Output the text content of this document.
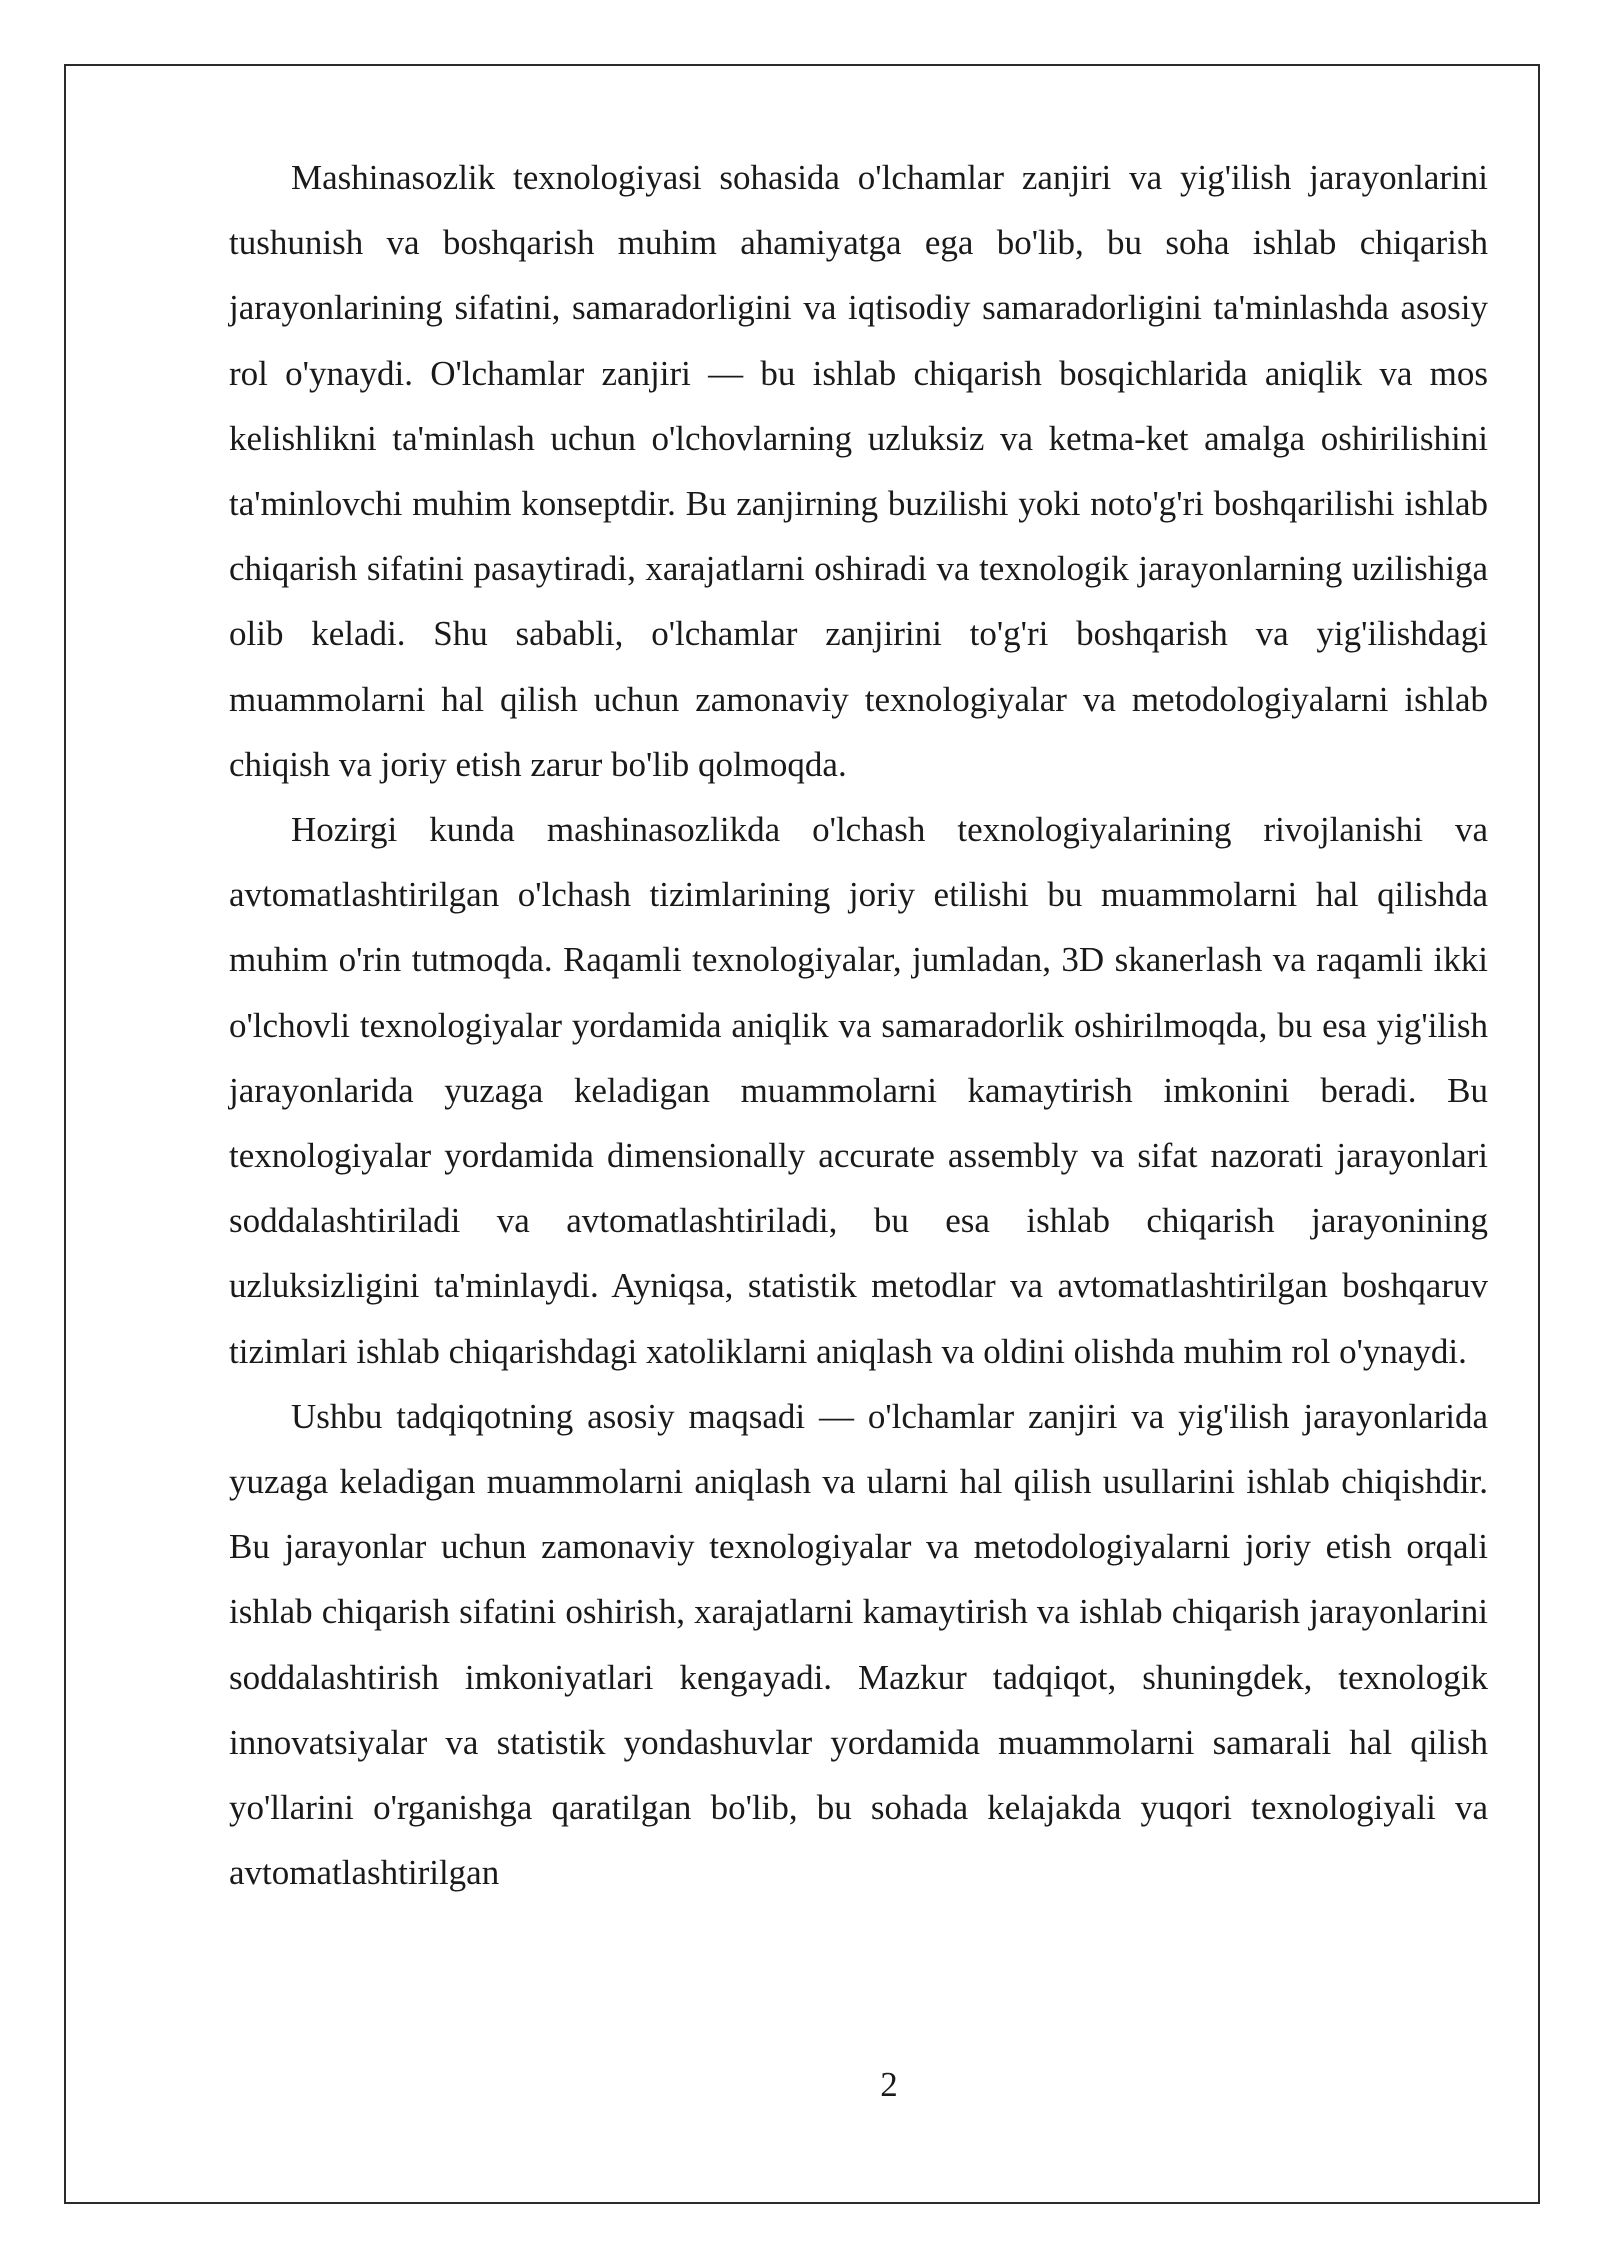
Mashinasozlik texnologiyasi sohasida o'lchamlar zanjiri va yig'ilish jarayonlarini tushunish va boshqarish muhim ahamiyatga ega bo'lib, bu soha ishlab chiqarish jarayonlarining sifatini, samaradorligini va iqtisodiy samaradorligini ta'minlashda asosiy rol o'ynaydi. O'lchamlar zanjiri — bu ishlab chiqarish bosqichlarida aniqlik va mos kelishlikni ta'minlash uchun o'lchovlarning uzluksiz va ketma-ket amalga oshirilishini ta'minlovchi muhim konseptdir. Bu zanjirning buzilishi yoki noto'g'ri boshqarilishi ishlab chiqarish sifatini pasaytiradi, xarajatlarni oshiradi va texnologik jarayonlarning uzilishiga olib keladi. Shu sababli, o'lchamlar zanjirini to'g'ri boshqarish va yig'ilishdagi muammolarni hal qilish uchun zamonaviy texnologiyalar va metodologiyalarni ishlab chiqish va joriy etish zarur bo'lib qolmoqda.

Hozirgi kunda mashinasozlikda o'lchash texnologiyalarining rivojlanishi va avtomatlashtirilgan o'lchash tizimlarining joriy etilishi bu muammolarni hal qilishda muhim o'rin tutmoqda. Raqamli texnologiyalar, jumladan, 3D skanerlash va raqamli ikki o'lchovli texnologiyalar yordamida aniqlik va samaradorlik oshirilmoqda, bu esa yig'ilish jarayonlarida yuzaga keladigan muammolarni kamaytirish imkonini beradi. Bu texnologiyalar yordamida dimensionally accurate assembly va sifat nazorati jarayonlari soddalashtiriladi va avtomatlashtiriladi, bu esa ishlab chiqarish jarayonining uzluksizligini ta'minlaydi. Ayniqsa, statistik metodlar va avtomatlashtirilgan boshqaruv tizimlari ishlab chiqarishdagi xatoliklarni aniqlash va oldini olishda muhim rol o'ynaydi.

Ushbu tadqiqotning asosiy maqsadi — o'lchamlar zanjiri va yig'ilish jarayonlarida yuzaga keladigan muammolarni aniqlash va ularni hal qilish usullarini ishlab chiqishdir. Bu jarayonlar uchun zamonaviy texnologiyalar va metodologiyalarni joriy etish orqali ishlab chiqarish sifatini oshirish, xarajatlarni kamaytirish va ishlab chiqarish jarayonlarini soddalashtirish imkoniyatlari kengayadi. Mazkur tadqiqot, shuningdek, texnologik innovatsiyalar va statistik yondashuvlar yordamida muammolarni samarali hal qilish yo'llarini o'rganishga qaratilgan bo'lib, bu sohada kelajakda yuqori texnologiyali va avtomatlashtirilgan

2
